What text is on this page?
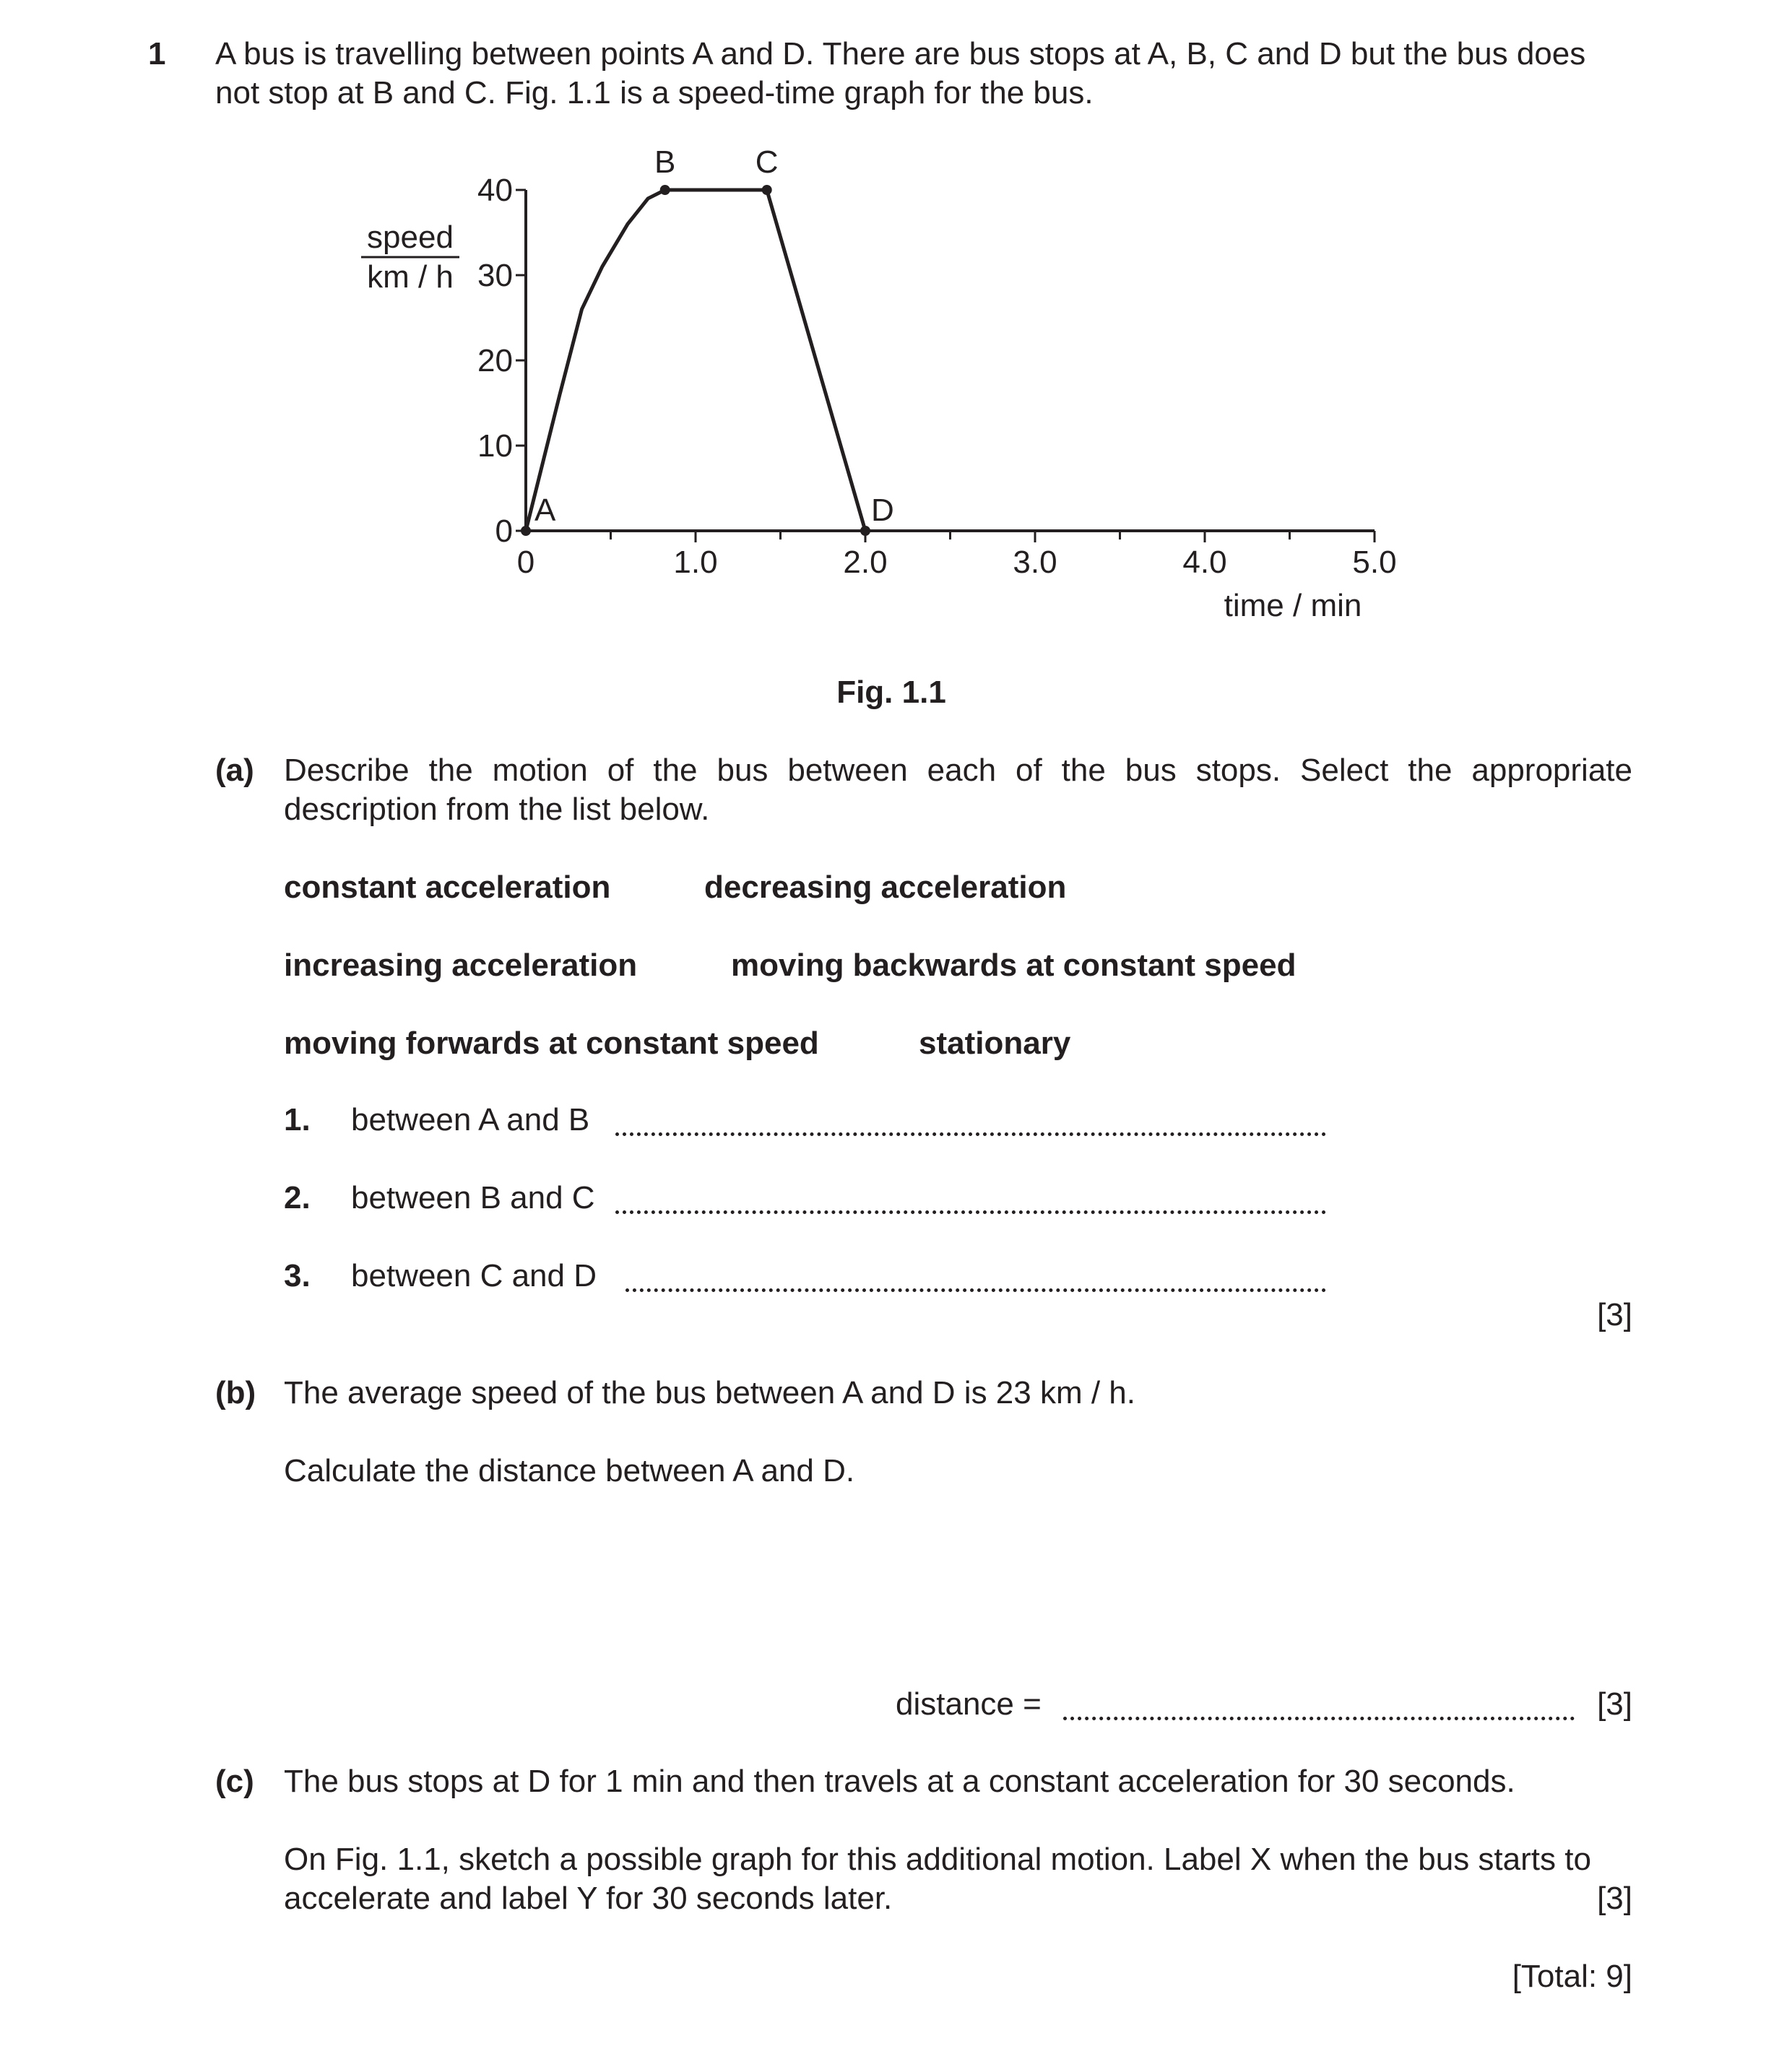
1 A bus is travelling between points A and D. There are bus stops at A, B, C and D but the bus does
not stop at B and C. Fig. 1.1 is a speed-time graph for the bus.
0	1.0	2.0	3.0	4.0	5.0
0
10
20
30
40
A
B	C
D
speed
km / h
time / min
Fig. 1.1
(a) Describe the motion of the bus between each of the bus stops. Select the appropriate
description from the list below.
constant acceleration	decreasing acceleration
increasing acceleration	moving backwards at constant speed
moving forwards at constant speed	stationary
1. between A and B
2. between B and C
3. between C and D
[3]
(b) The average speed of the bus between A and D is 23 km / h.
Calculate the distance between A and D.
distance =	[3]
(c) The bus stops at D for 1 min and then travels at a constant acceleration for 30 seconds.
On Fig. 1.1, sketch a possible graph for this additional motion. Label X when the bus starts to
accelerate and label Y for 30 seconds later.	[3]
[Total: 9]
